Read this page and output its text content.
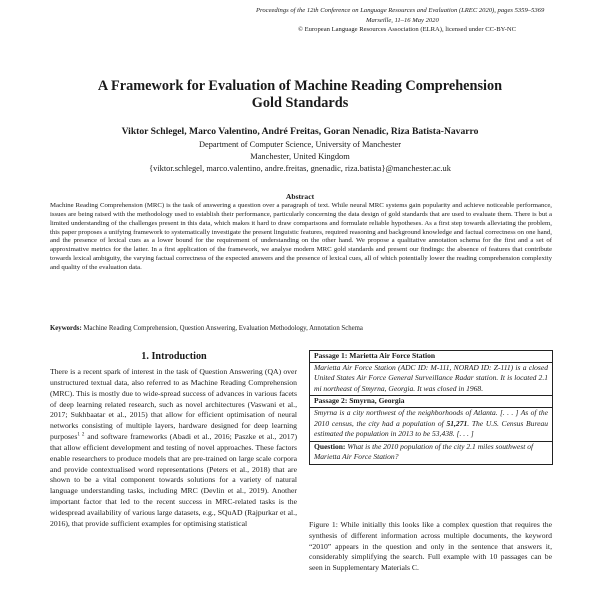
Proceedings of the 12th Conference on Language Resources and Evaluation (LREC 2020), pages 5359–5369
Marseille, 11–16 May 2020
© European Language Resources Association (ELRA), licensed under CC-BY-NC
A Framework for Evaluation of Machine Reading Comprehension
Gold Standards
Viktor Schlegel, Marco Valentino, André Freitas, Goran Nenadic, Riza Batista-Navarro
Department of Computer Science, University of Manchester
Manchester, United Kingdom
{viktor.schlegel, marco.valentino, andre.freitas, gnenadic, riza.batista}@manchester.ac.uk
Abstract
Machine Reading Comprehension (MRC) is the task of answering a question over a paragraph of text. While neural MRC systems gain popularity and achieve noticeable performance, issues are being raised with the methodology used to establish their performance, particularly concerning the data design of gold standards that are used to evaluate them. There is but a limited understanding of the challenges present in this data, which makes it hard to draw comparisons and formulate reliable hypotheses. As a first step towards alleviating the problem, this paper proposes a unifying framework to systematically investigate the present linguistic features, required reasoning and background knowledge and factual correctness on one hand, and the presence of lexical cues as a lower bound for the requirement of understanding on the other hand. We propose a qualitative annotation schema for the first and a set of approximative metrics for the latter. In a first application of the framework, we analyse modern MRC gold standards and present our findings: the absence of features that contribute towards lexical ambiguity, the varying factual correctness of the expected answers and the presence of lexical cues, all of which potentially lower the reading comprehension complexity and quality of the evaluation data.
Keywords: Machine Reading Comprehension, Question Answering, Evaluation Methodology, Annotation Schema
1. Introduction
There is a recent spark of interest in the task of Question Answering (QA) over unstructured textual data, also referred to as Machine Reading Comprehension (MRC). This is mostly due to wide-spread success of advances in various facets of deep learning related research, such as novel architectures (Vaswani et al., 2017; Sukhbaatar et al., 2015) that allow for efficient optimisation of neural networks consisting of multiple layers, hardware designed for deep learning purposes$^{1 2}$ and software frameworks (Abadi et al., 2016; Paszke et al., 2017) that allow efficient development and testing of novel approaches. These factors enable researchers to produce models that are pre-trained on large scale corpora and provide contextualised word representations (Peters et al., 2018) that are shown to be a vital component towards solutions for a variety of natural language understanding tasks, including MRC (Devlin et al., 2019). Another important factor that led to the recent success in MRC-related tasks is the widespread availability of various large datasets, e.g., SQuAD (Rajpurkar et al., 2016), that provide sufficient examples for optimising statistical
Passage 1: Marietta Air Force Station
Marietta Air Force Station (ADC ID: M-111, NORAD ID: Z-111) is a closed United States Air Force General Surveillance Radar station. It is located 2.1 mi northeast of Smyrna, Georgia. It was closed in 1968.
Passage 2: Smyrna, Georgia
Smyrna is a city northwest of the neighborhoods of Atlanta. [. . . ] As of the 2010 census, the city had a population of 51,271. The U.S. Census Bureau estimated the population in 2013 to be 53,438. [. . . ]
Question: What is the 2010 population of the city 2.1 miles southwest of Marietta Air Force Station?
Figure 1: While initially this looks like a complex question that requires the synthesis of different information across multiple documents, the keyword “2010” appears in the question and only in the sentence that answers it, considerably simplifying the search. Full example with 10 passages can be seen in Supplementary Materials C.
